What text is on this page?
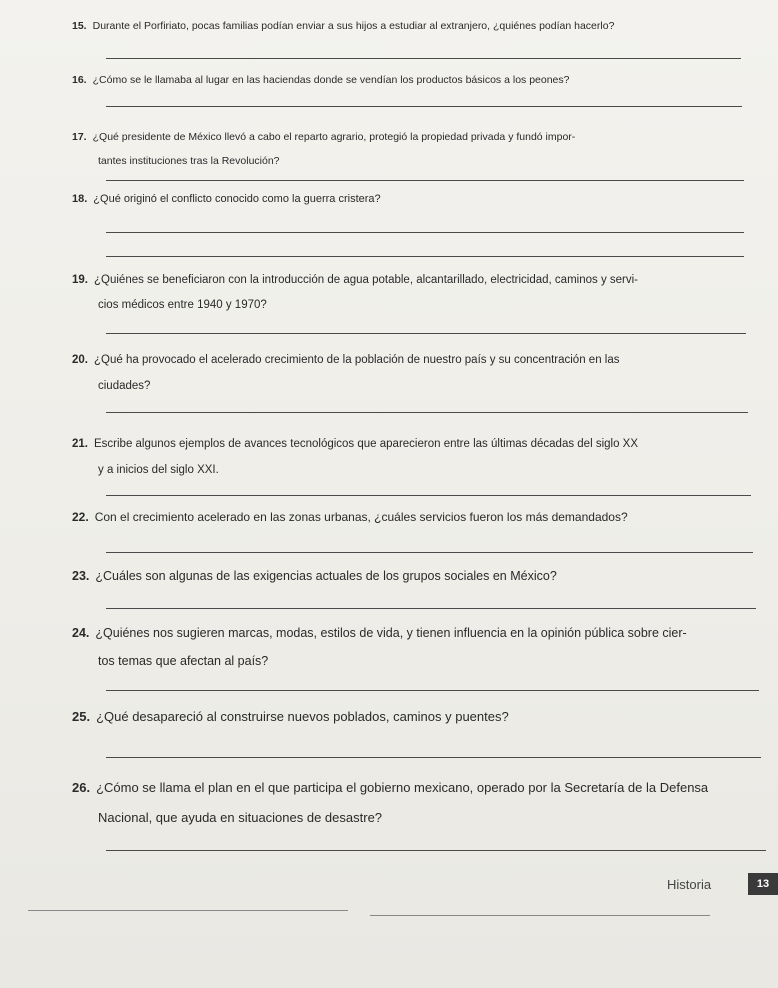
15. Durante el Porfiriato, pocas familias podían enviar a sus hijos a estudiar al extranjero, ¿quiénes podían hacerlo?
16. ¿Cómo se le llamaba al lugar en las haciendas donde se vendían los productos básicos a los peones?
17. ¿Qué presidente de México llevó a cabo el reparto agrario, protegió la propiedad privada y fundó impor-
tantes instituciones tras la Revolución?
18. ¿Qué originó el conflicto conocido como la guerra cristera?
19. ¿Quiénes se beneficiaron con la introducción de agua potable, alcantarillado, electricidad, caminos y servi-
cios médicos entre 1940 y 1970?
20. ¿Qué ha provocado el acelerado crecimiento de la población de nuestro país y su concentración en las
ciudades?
21. Escribe algunos ejemplos de avances tecnológicos que aparecieron entre las últimas décadas del siglo XX
y a inicios del siglo XXI.
22. Con el crecimiento acelerado en las zonas urbanas, ¿cuáles servicios fueron los más demandados?
23. ¿Cuáles son algunas de las exigencias actuales de los grupos sociales en México?
24. ¿Quiénes nos sugieren marcas, modas, estilos de vida, y tienen influencia en la opinión pública sobre cier-
tos temas que afectan al país?
25. ¿Qué desapareció al construirse nuevos poblados, caminos y puentes?
26. ¿Cómo se llama el plan en el que participa el gobierno mexicano, operado por la Secretaría de la Defensa
Nacional, que ayuda en situaciones de desastre?
Historia	13
